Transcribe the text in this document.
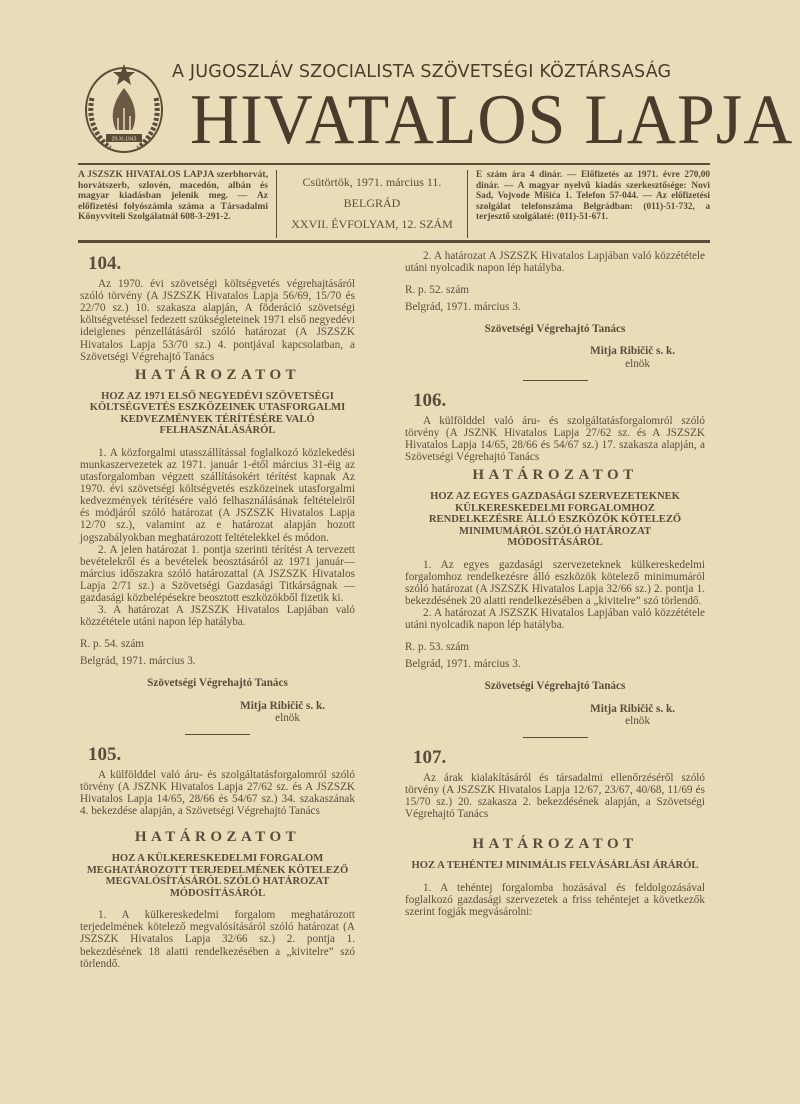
29-XI-1943
A JUGOSZLÁV SZOCIALISTA SZÖVETSÉGI KÖZTÁRSASÁG
HIVATALOS LAPJA
A JSZSZK HIVATALOS LAPJA szerbhorvát, horvátszerb, szlovén, macedón, albán és magyar kiadásban jelenik meg. — Az előfizetési folyószámla száma a Társadalmi Könyvviteli Szolgálatnál 608-3-291-2.
Csütörtök, 1971. március 11.
BELGRÁD
XXVII. ÉVFOLYAM, 12. SZÁM
E szám ára 4 dinár. — Előfizetés az 1971. évre 270,00 dinár. — A magyar nyelvű kiadás szerkesztősége: Novi Sad, Vojvode Mišića 1. Telefon 57-044. — Az előfizetési szolgálat telefonszáma Belgrádban: (011)-51-732, a terjesztő szolgálaté: (011)-51-671.
104.

Az 1970. évi szövetségi költségvetés végrehajtásáról szóló törvény (A JSZSZK Hivatalos Lapja 56/69, 15/70 és 22/70 sz.) 10. szakasza alapján, A föderáció szövetségi költségvetéssel fedezett szükségleteinek 1971 első negyedévi ideiglenes pénzellátásáról szóló határozat (A JSZSZK Hivatalos Lapja 53/70 sz.) 4. pontjával kapcsolatban, a Szövetségi Végrehajtó Tanács

HATÁROZATOT
HOZ AZ 1971 ELSŐ NEGYEDÉVI SZÖVETSÉGI KÖLTSÉGVETÉS ESZKÖZEINEK UTASFORGALMI KEDVEZMÉNYEK TÉRÍTÉSÉRE VALÓ FELHASZNÁLÁSÁRÓL

1. A közforgalmi utasszállítással foglalkozó közlekedési munkaszervezetek az 1971. január 1-étől március 31-éig az utasforgalomban végzett szállításokért térítést kapnak Az 1970. évi szövetségi költségvetés eszközeinek utasforgalmi kedvezmények térítésére való felhasználásának feltételeiről és módjáról szóló határozat (A JSZSZK Hivatalos Lapja 12/70 sz.), valamint az e határozat alapján hozott jogszabályokban meghatározott feltételekkel és módon.

2. A jelen határozat 1. pontja szerinti térítést A tervezett bevételekről és a bevételek beosztásáról az 1971 január—március időszakra szóló határozattal (A JSZSZK Hivatalos Lapja 2/71 sz.) a Szövetségi Gazdasági Titkárságnak — gazdasági közbelépésekre beosztott eszközökből fizetik ki.

3. A határozat A JSZSZK Hivatalos Lapjában való közzététele utáni napon lép hatályba.

R. p. 54. szám

Belgrád, 1971. március 3.

Szövetségi Végrehajtó Tanács
Mitja Ribičič s. k.
elnök
105.

A külfölddel való áru- és szolgáltatásforgalomról szóló törvény (A JSZNK Hivatalos Lapja 27/62 sz. és A JSZSZK Hivatalos Lapja 14/65, 28/66 és 54/67 sz.) 34. szakaszának 4. bekezdése alapján, a Szövetségi Végrehajtó Tanács

HATÁROZATOT
HOZ A KÜLKERESKEDELMI FORGALOM MEGHATÁROZOTT TERJEDELMÉNEK KÖTELEZŐ MEGVALÓSÍTÁSÁRÓL SZÓLÓ HATÁROZAT MÓDOSÍTÁSÁRÓL

1. A külkereskedelmi forgalom meghatározott terjedelmének kötelező megvalósításáról szóló határozat (A JSZSZK Hivatalos Lapja 32/66 sz.) 2. pontja 1. bekezdésének 18 alatti rendelkezésében a „kivitelre” szó törlendő.

2. A határozat A JSZSZK Hivatalos Lapjában való közzététele utáni nyolcadik napon lép hatályba.

R. p. 52. szám

Belgrád, 1971. március 3.

Szövetségi Végrehajtó Tanács
Mitja Ribičič s. k.
elnök
106.

A külfölddel való áru- és szolgáltatásforgalomról szóló törvény (A JSZNK Hivatalos Lapja 27/62 sz. és A JSZSZK Hivatalos Lapja 14/65, 28/66 és 54/67 sz.) 17. szakasza alapján, a Szövetségi Végrehajtó Tanács

HATÁROZATOT
HOZ AZ EGYES GAZDASÁGI SZERVEZETEKNEK KÜLKERESKEDELMI FORGALOMHOZ RENDELKEZÉSRE ÁLLÓ ESZKÖZÖK KÖTELEZŐ MINIMUMÁRÓL SZÓLÓ HATÁROZAT MÓDOSÍTÁSÁRÓL

1. Az egyes gazdasági szervezeteknek külkereskedelmi forgalomhoz rendelkezésre álló eszközök kötelező minimumáról szóló határozat (A JSZSZK Hivatalos Lapja 32/66 sz.) 2. pontja 1. bekezdésének 20 alatti rendelkezésében a „kivitelre” szó törlendő.

2. A határozat A JSZSZK Hivatalos Lapjában való közzététele utáni nyolcadik napon lép hatályba.

R. p. 53. szám

Belgrád, 1971. március 3.

Szövetségi Végrehajtó Tanács
Mitja Ribičič s. k.
elnök
107.

Az árak kialakításáról és társadalmi ellenőrzéséről szóló törvény (A JSZSZK Hivatalos Lapja 12/67, 23/67, 40/68, 11/69 és 15/70 sz.) 20. szakasza 2. bekezdésének alapján, a Szövetségi Végrehajtó Tanács

HATÁROZATOT
HOZ A TEHÉNTEJ MINIMÁLIS FELVÁSÁRLÁSI ÁRÁRÓL

1. A tehéntej forgalomba hozásával és feldolgozásával foglalkozó gazdasági szervezetek a friss tehéntejet a következők szerint fogják megvásárolni:
